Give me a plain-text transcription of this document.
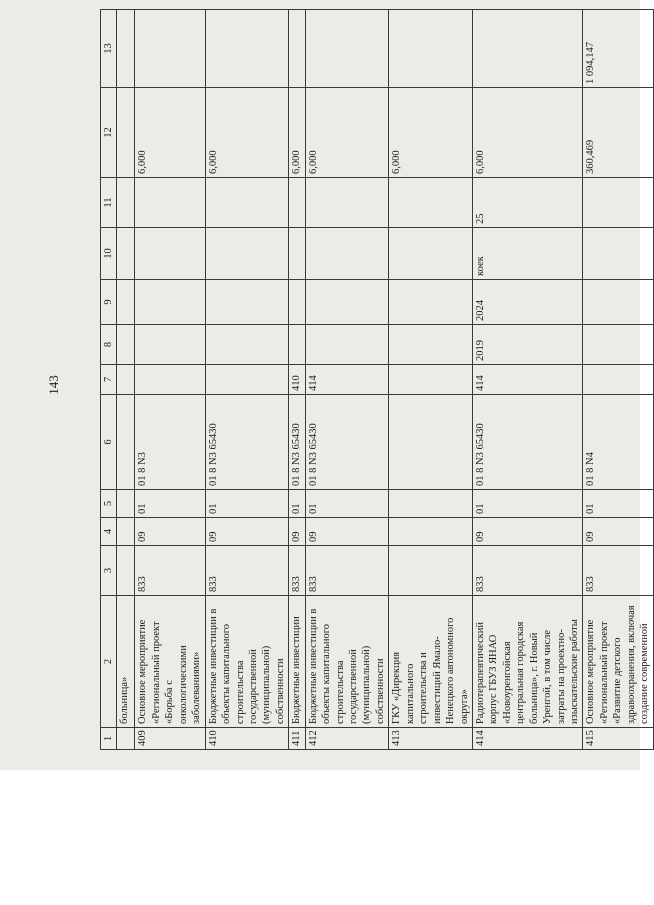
143
1	2	3	4	5	6	7	8	9	10	11	12	13
	больница»											
409	Основное мероприятие «Региональный проект «Борьба с онкологическими заболеваниями»	833	09	01	01 8 N3						6,000	
410	Бюджетные инвестиции в объекты капитального строительства государственной (муниципальной) собственности	833	09	01	01 8 N3 65430						6,000	
411	Бюджетные инвестиции	833	09	01	01 8 N3 65430	410					6,000	
412	Бюджетные инвестиции в объекты капитального строительства государственной (муниципальной) собственности	833	09	01	01 8 N3 65430	414					6,000	
413	ГКУ «Дирекция капитального строительства и инвестиций Ямало-Ненецкого автономного округа»										6,000	
414	Радиотерапевтический корпус ГБУЗ ЯНАО «Новоуренгойская центральная городская больница», г. Новый Уренгой, в том числе затраты на проектно-изыскательские работы	833	09	01	01 8 N3 65430	414	2019	2024	коек	25	6,000	
415	Основное мероприятие «Региональный проект «Развитие детского здравоохранения, включая создание современной	833	09	01	01 8 N4						360,469	1 094,147
